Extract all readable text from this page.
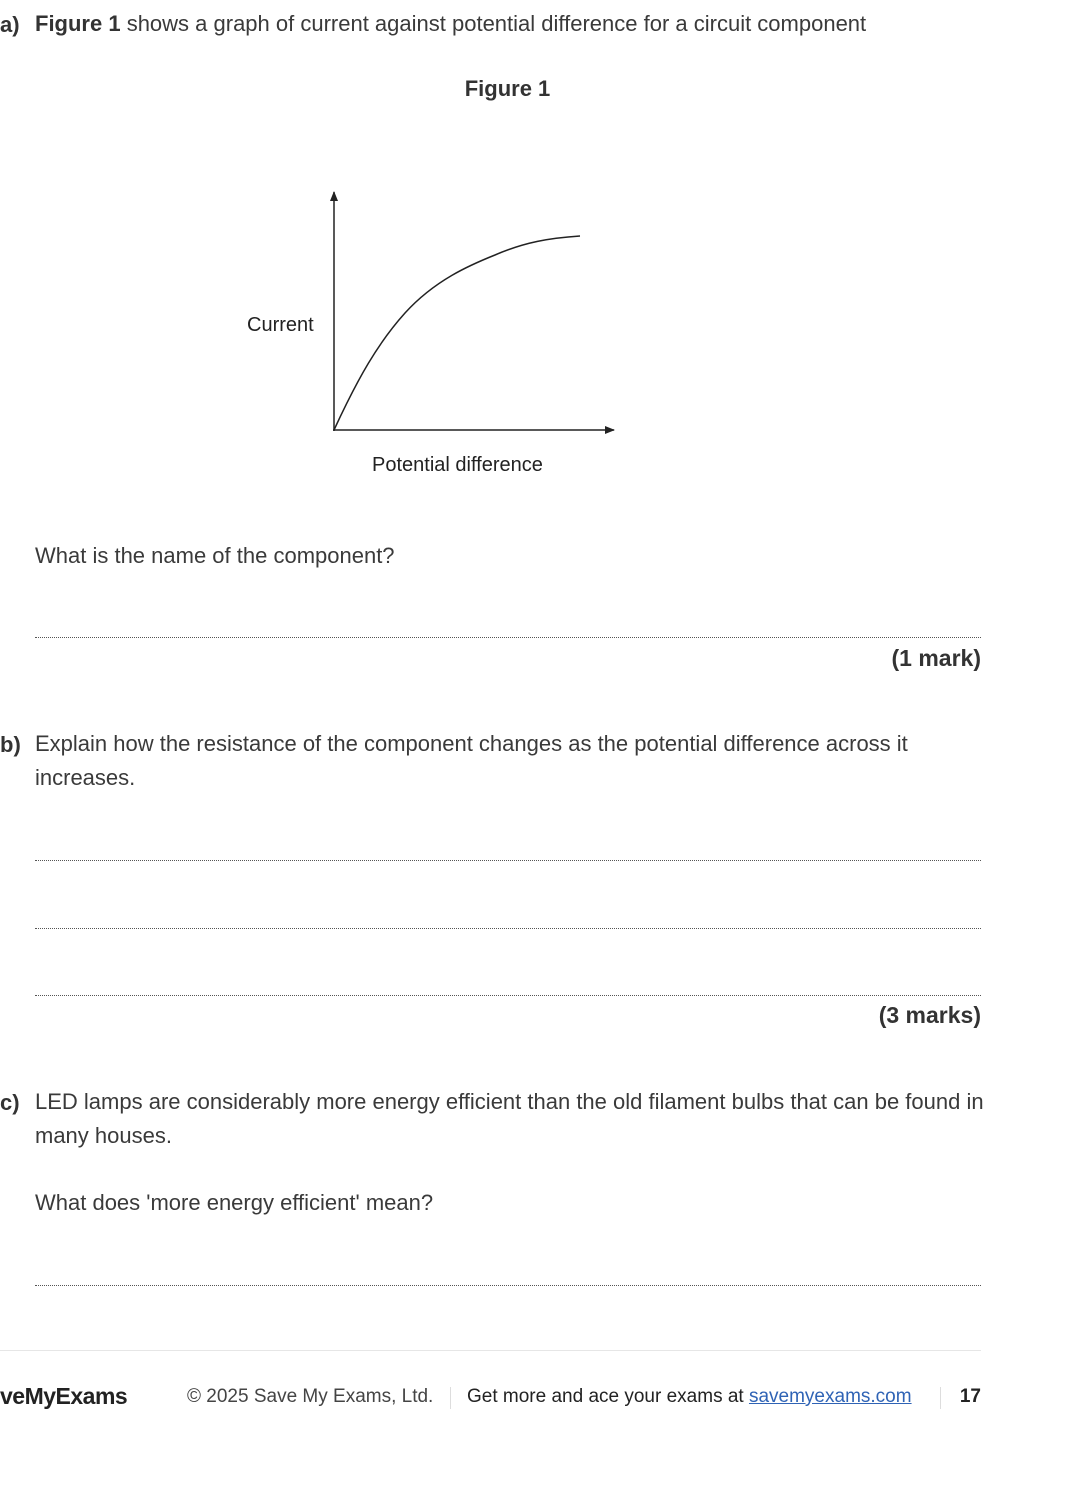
a) Figure 1 shows a graph of current against potential difference for a circuit component
Figure 1
Current
Potential difference
What is the name of the component?
(1 mark)
b) Explain how the resistance of the component changes as the potential difference across it increases.
(3 marks)
c) LED lamps are considerably more energy efficient than the old filament bulbs that can be found in many houses.
What does 'more energy efficient' mean?
veMyExams	© 2025 Save My Exams, Ltd. Get more and ace your exams at savemyexams.com	17
